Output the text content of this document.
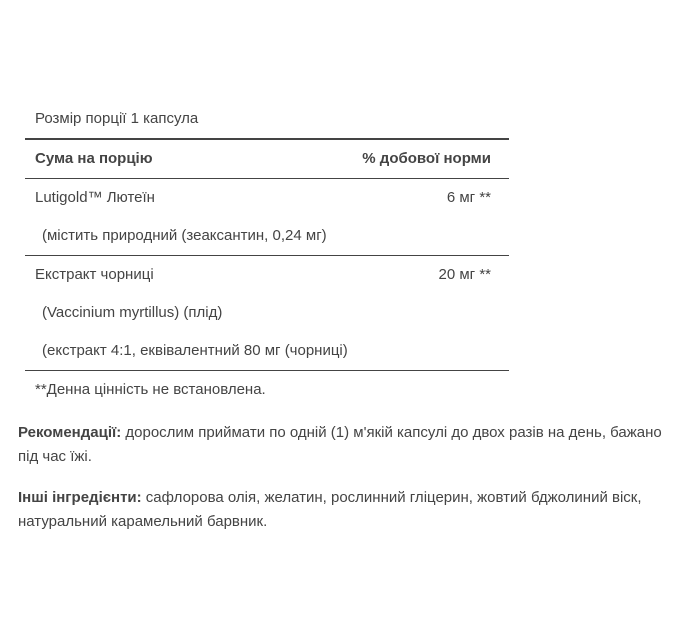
Розмір порції 1 капсула
Сума на порцію	% добової норми
Lutigold™ Лютеїн	6 мг **
(містить природний (зеаксантин, 0,24 мг)
Екстракт чорниці	20 мг **
(Vaccinium myrtillus) (плід)
(екстракт 4:1, еквівалентний 80 мг (чорниці)
**Денна цінність не встановлена.
Рекомендації: дорослим приймати по одній (1) м'якій капсулі до двох разів на день, бажано під час їжі.
Інші інгредієнти: сафлорова олія, желатин, рослинний гліцерин, жовтий бджолиний віск, натуральний карамельний барвник.
